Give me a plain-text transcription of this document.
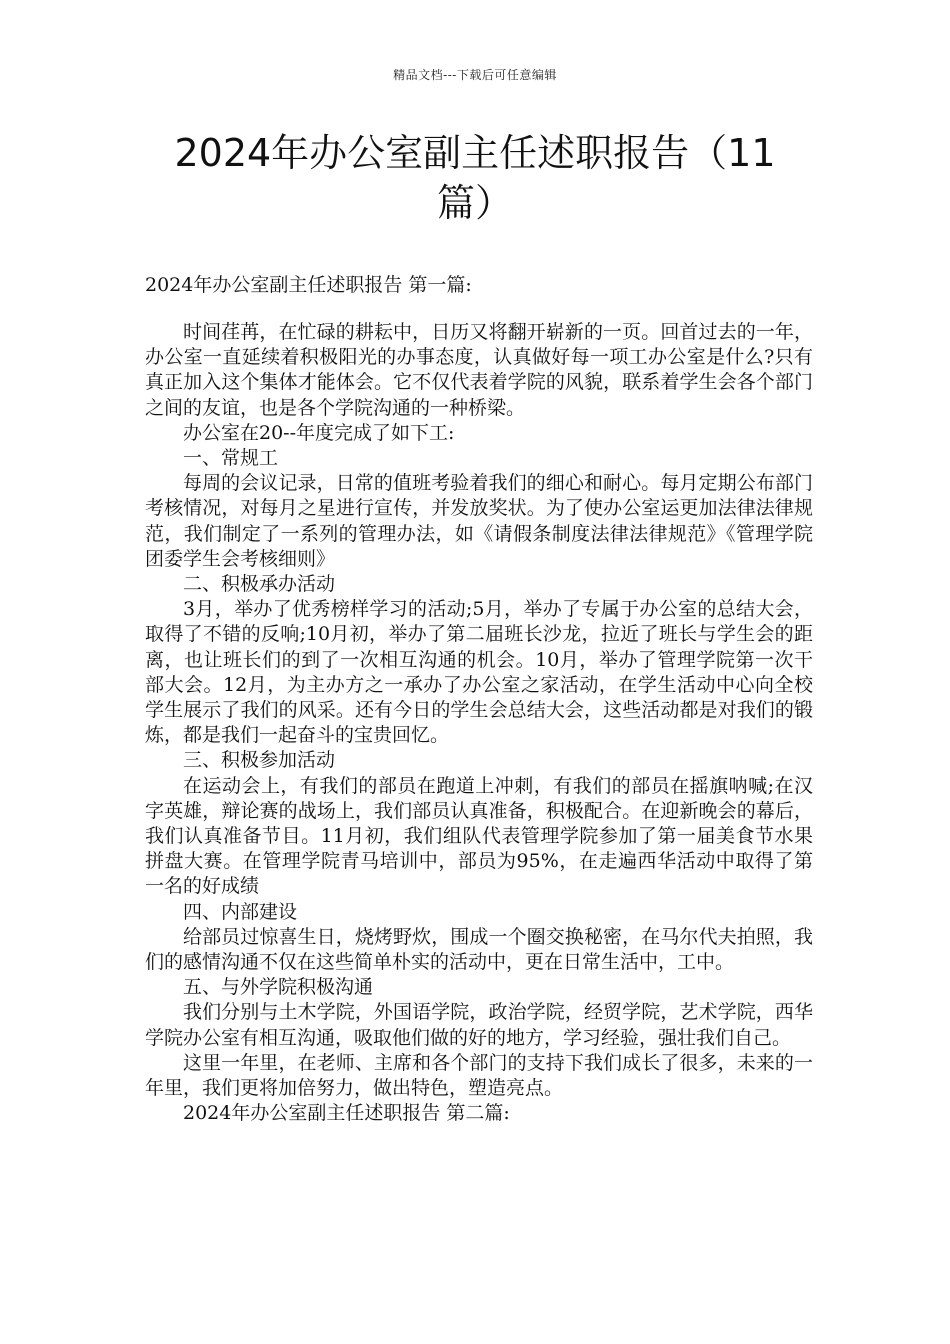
精品文档---下载后可任意编辑
2024年办公室副主任述职报告（11篇）
2024年办公室副主任述职报告 第一篇:

时间荏苒，在忙碌的耕耘中，日历又将翻开崭新的一页。回首过去的一年，办公室一直延续着积极阳光的办事态度，认真做好每一项工办公室是什么?只有真正加入这个集体才能体会。它不仅代表着学院的风貌，联系着学生会各个部门之间的友谊，也是各个学院沟通的一种桥梁。

办公室在20--年度完成了如下工:

一、常规工

每周的会议记录，日常的值班考验着我们的细心和耐心。每月定期公布部门考核情况，对每月之星进行宣传，并发放奖状。为了使办公室运更加法律法律规范，我们制定了一系列的管理办法，如《请假条制度法律法律规范》《管理学院团委学生会考核细则》

二、积极承办活动

3月，举办了优秀榜样学习的活动;5月，举办了专属于办公室的总结大会，取得了不错的反响;10月初，举办了第二届班长沙龙，拉近了班长与学生会的距离，也让班长们的到了一次相互沟通的机会。10月，举办了管理学院第一次干部大会。12月，为主办方之一承办了办公室之家活动，在学生活动中心向全校学生展示了我们的风采。还有今日的学生会总结大会，这些活动都是对我们的锻炼，都是我们一起奋斗的宝贵回忆。

三、积极参加活动

在运动会上，有我们的部员在跑道上冲刺，有我们的部员在摇旗呐喊;在汉字英雄，辩论赛的战场上，我们部员认真准备，积极配合。在迎新晚会的幕后，我们认真准备节目。11月初，我们组队代表管理学院参加了第一届美食节水果拼盘大赛。在管理学院青马培训中，部员为95%，在走遍西华活动中取得了第一名的好成绩

四、内部建设

给部员过惊喜生日，烧烤野炊，围成一个圈交换秘密，在马尔代夫拍照，我们的感情沟通不仅在这些简单朴实的活动中，更在日常生活中，工中。

五、与外学院积极沟通

我们分别与土木学院，外国语学院，政治学院，经贸学院，艺术学院，西华学院办公室有相互沟通，吸取他们做的好的地方，学习经验，强壮我们自己。

这里一年里，在老师、主席和各个部门的支持下我们成长了很多，未来的一年里，我们更将加倍努力，做出特色，塑造亮点。

2024年办公室副主任述职报告 第二篇:
